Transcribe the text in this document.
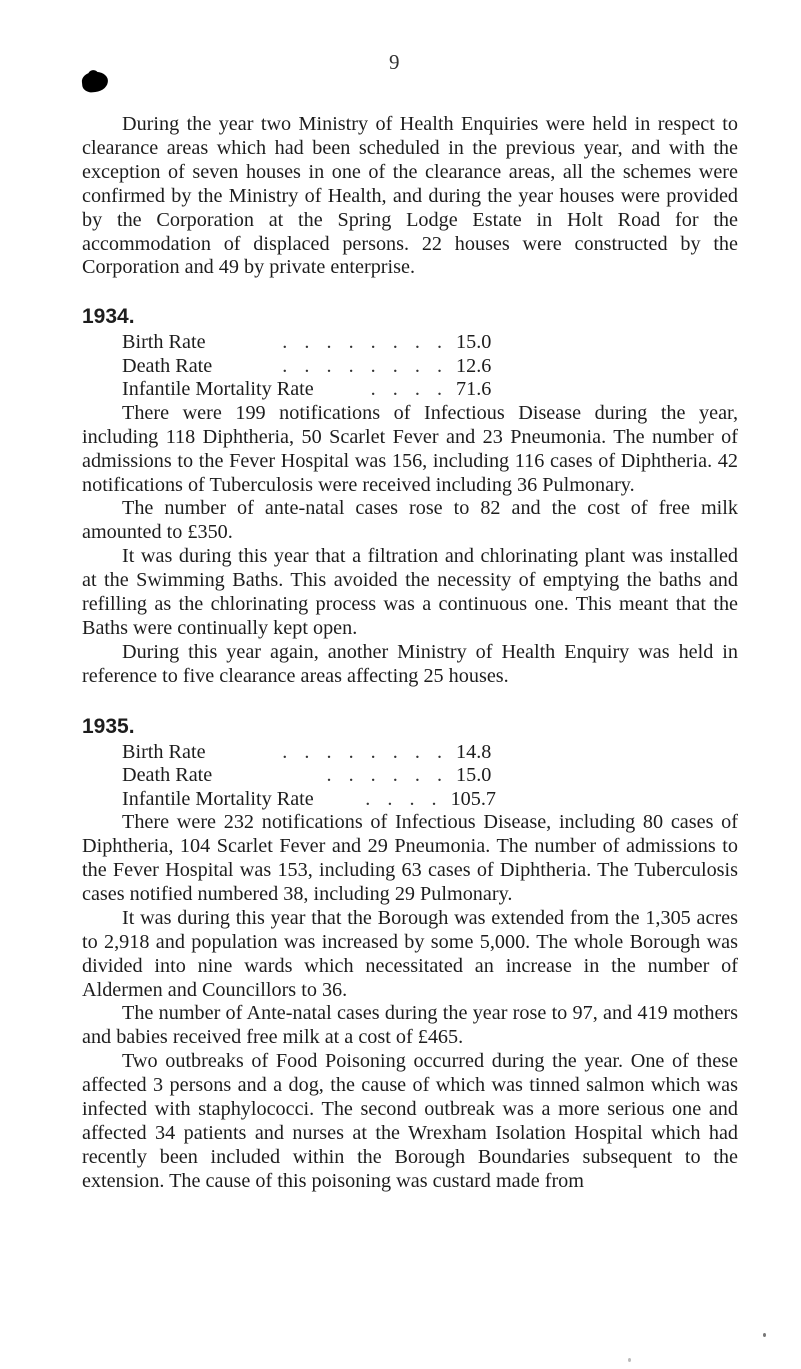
9

During the year two Ministry of Health Enquiries were held in respect to clearance areas which had been scheduled in the previous year, and with the exception of seven houses in one of the clearance areas, all the schemes were confirmed by the Ministry of Health, and during the year houses were provided by the Corporation at the Spring Lodge Estate in Holt Road for the accommodation of displaced persons. 22 houses were constructed by the Corporation and 49 by private enterprise.

1934.
Birth Rate	. . . . . . . . 15.0
Death Rate	. . . . . . . . 12.6
Infantile Mortality Rate	. . . . 71.6

There were 199 notifications of Infectious Disease during the year, including 118 Diphtheria, 50 Scarlet Fever and 23 Pneumonia. The number of admissions to the Fever Hospital was 156, including 116 cases of Diphtheria. 42 notifications of Tuberculosis were received including 36 Pulmonary.

The number of ante-natal cases rose to 82 and the cost of free milk amounted to £350.

It was during this year that a filtration and chlorinating plant was installed at the Swimming Baths. This avoided the necessity of emptying the baths and refilling as the chlorinating process was a continuous one. This meant that the Baths were continually kept open.

During this year again, another Ministry of Health Enquiry was held in reference to five clearance areas affecting 25 houses.

1935.
Birth Rate	. . . . . . . . 14.8
Death Rate	. . . . . . 15.0
Infantile Mortality Rate	. . . . 105.7

There were 232 notifications of Infectious Disease, including 80 cases of Diphtheria, 104 Scarlet Fever and 29 Pneumonia. The number of admissions to the Fever Hospital was 153, including 63 cases of Diphtheria. The Tuberculosis cases notified numbered 38, including 29 Pulmonary.

It was during this year that the Borough was extended from the 1,305 acres to 2,918 and population was increased by some 5,000. The whole Borough was divided into nine wards which necessitated an increase in the number of Aldermen and Councillors to 36.

The number of Ante-natal cases during the year rose to 97, and 419 mothers and babies received free milk at a cost of £465.

Two outbreaks of Food Poisoning occurred during the year. One of these affected 3 persons and a dog, the cause of which was tinned salmon which was infected with staphylococci. The second outbreak was a more serious one and affected 34 patients and nurses at the Wrexham Isolation Hospital which had recently been included within the Borough Boundaries subsequent to the extension. The cause of this poisoning was custard made from
